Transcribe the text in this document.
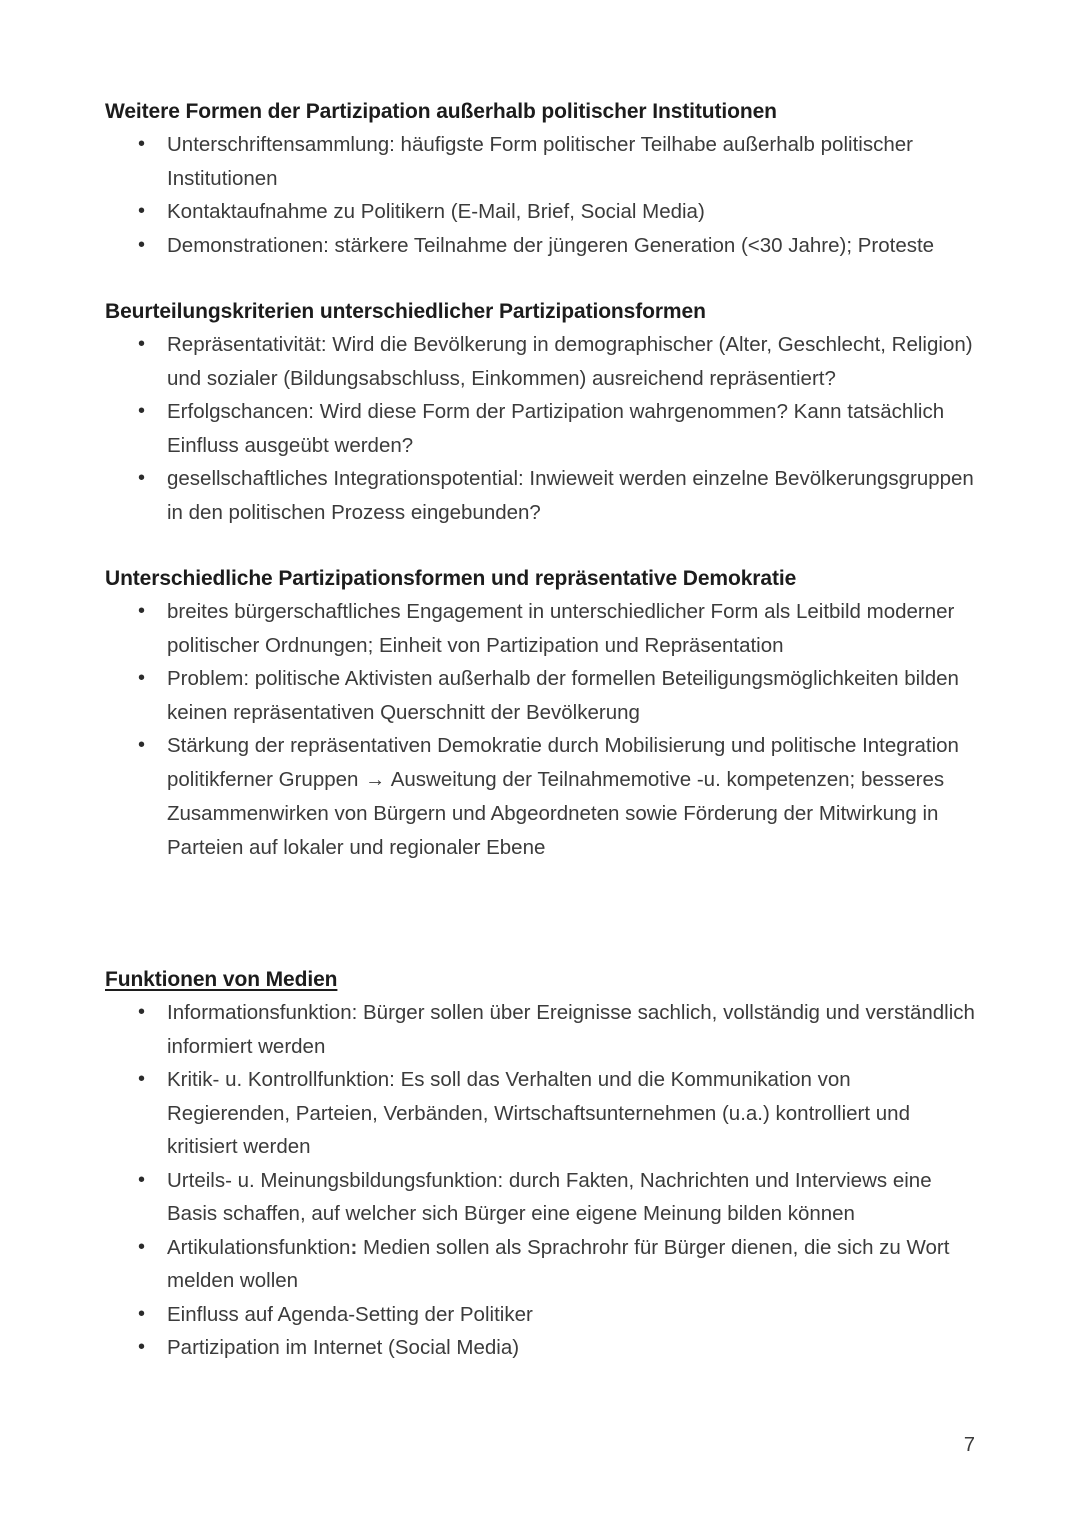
Weitere Formen der Partizipation außerhalb politischer Institutionen
•	Unterschriftensammlung: häufigste Form politischer Teilhabe außerhalb politischer Institutionen
•	Kontaktaufnahme zu Politikern (E-Mail, Brief, Social Media)
•	Demonstrationen: stärkere Teilnahme der jüngeren Generation (<30 Jahre); Proteste
Beurteilungskriterien unterschiedlicher Partizipationsformen
•	Repräsentativität: Wird die Bevölkerung in demographischer (Alter, Geschlecht, Religion) und sozialer (Bildungsabschluss, Einkommen) ausreichend repräsentiert?
•	Erfolgschancen: Wird diese Form der Partizipation wahrgenommen? Kann tatsächlich Einfluss ausgeübt werden?
•	gesellschaftliches Integrationspotential: Inwieweit werden einzelne Bevölkerungsgruppen in den politischen Prozess eingebunden?
Unterschiedliche Partizipationsformen und repräsentative Demokratie
•	breites bürgerschaftliches Engagement in unterschiedlicher Form als Leitbild moderner politischer Ordnungen; Einheit von Partizipation und Repräsentation
•	Problem: politische Aktivisten außerhalb der formellen Beteiligungsmöglichkeiten bilden keinen repräsentativen Querschnitt der Bevölkerung
•	Stärkung der repräsentativen Demokratie durch Mobilisierung und politische Integration politikferner Gruppen → Ausweitung der Teilnahmemotive -u. kompetenzen; besseres Zusammenwirken von Bürgern und Abgeordneten sowie Förderung der Mitwirkung in Parteien auf lokaler und regionaler Ebene
Funktionen von Medien
•	Informationsfunktion: Bürger sollen über Ereignisse sachlich, vollständig und verständlich informiert werden
•	Kritik- u. Kontrollfunktion: Es soll das Verhalten und die Kommunikation von Regierenden, Parteien, Verbänden, Wirtschaftsunternehmen (u.a.) kontrolliert und kritisiert werden
•	Urteils- u. Meinungsbildungsfunktion: durch Fakten, Nachrichten und Interviews eine Basis schaffen, auf welcher sich Bürger eine eigene Meinung bilden können
•	Artikulationsfunktion: Medien sollen als Sprachrohr für Bürger dienen, die sich zu Wort melden wollen
•	Einfluss auf Agenda-Setting der Politiker
•	Partizipation im Internet (Social Media)
7
